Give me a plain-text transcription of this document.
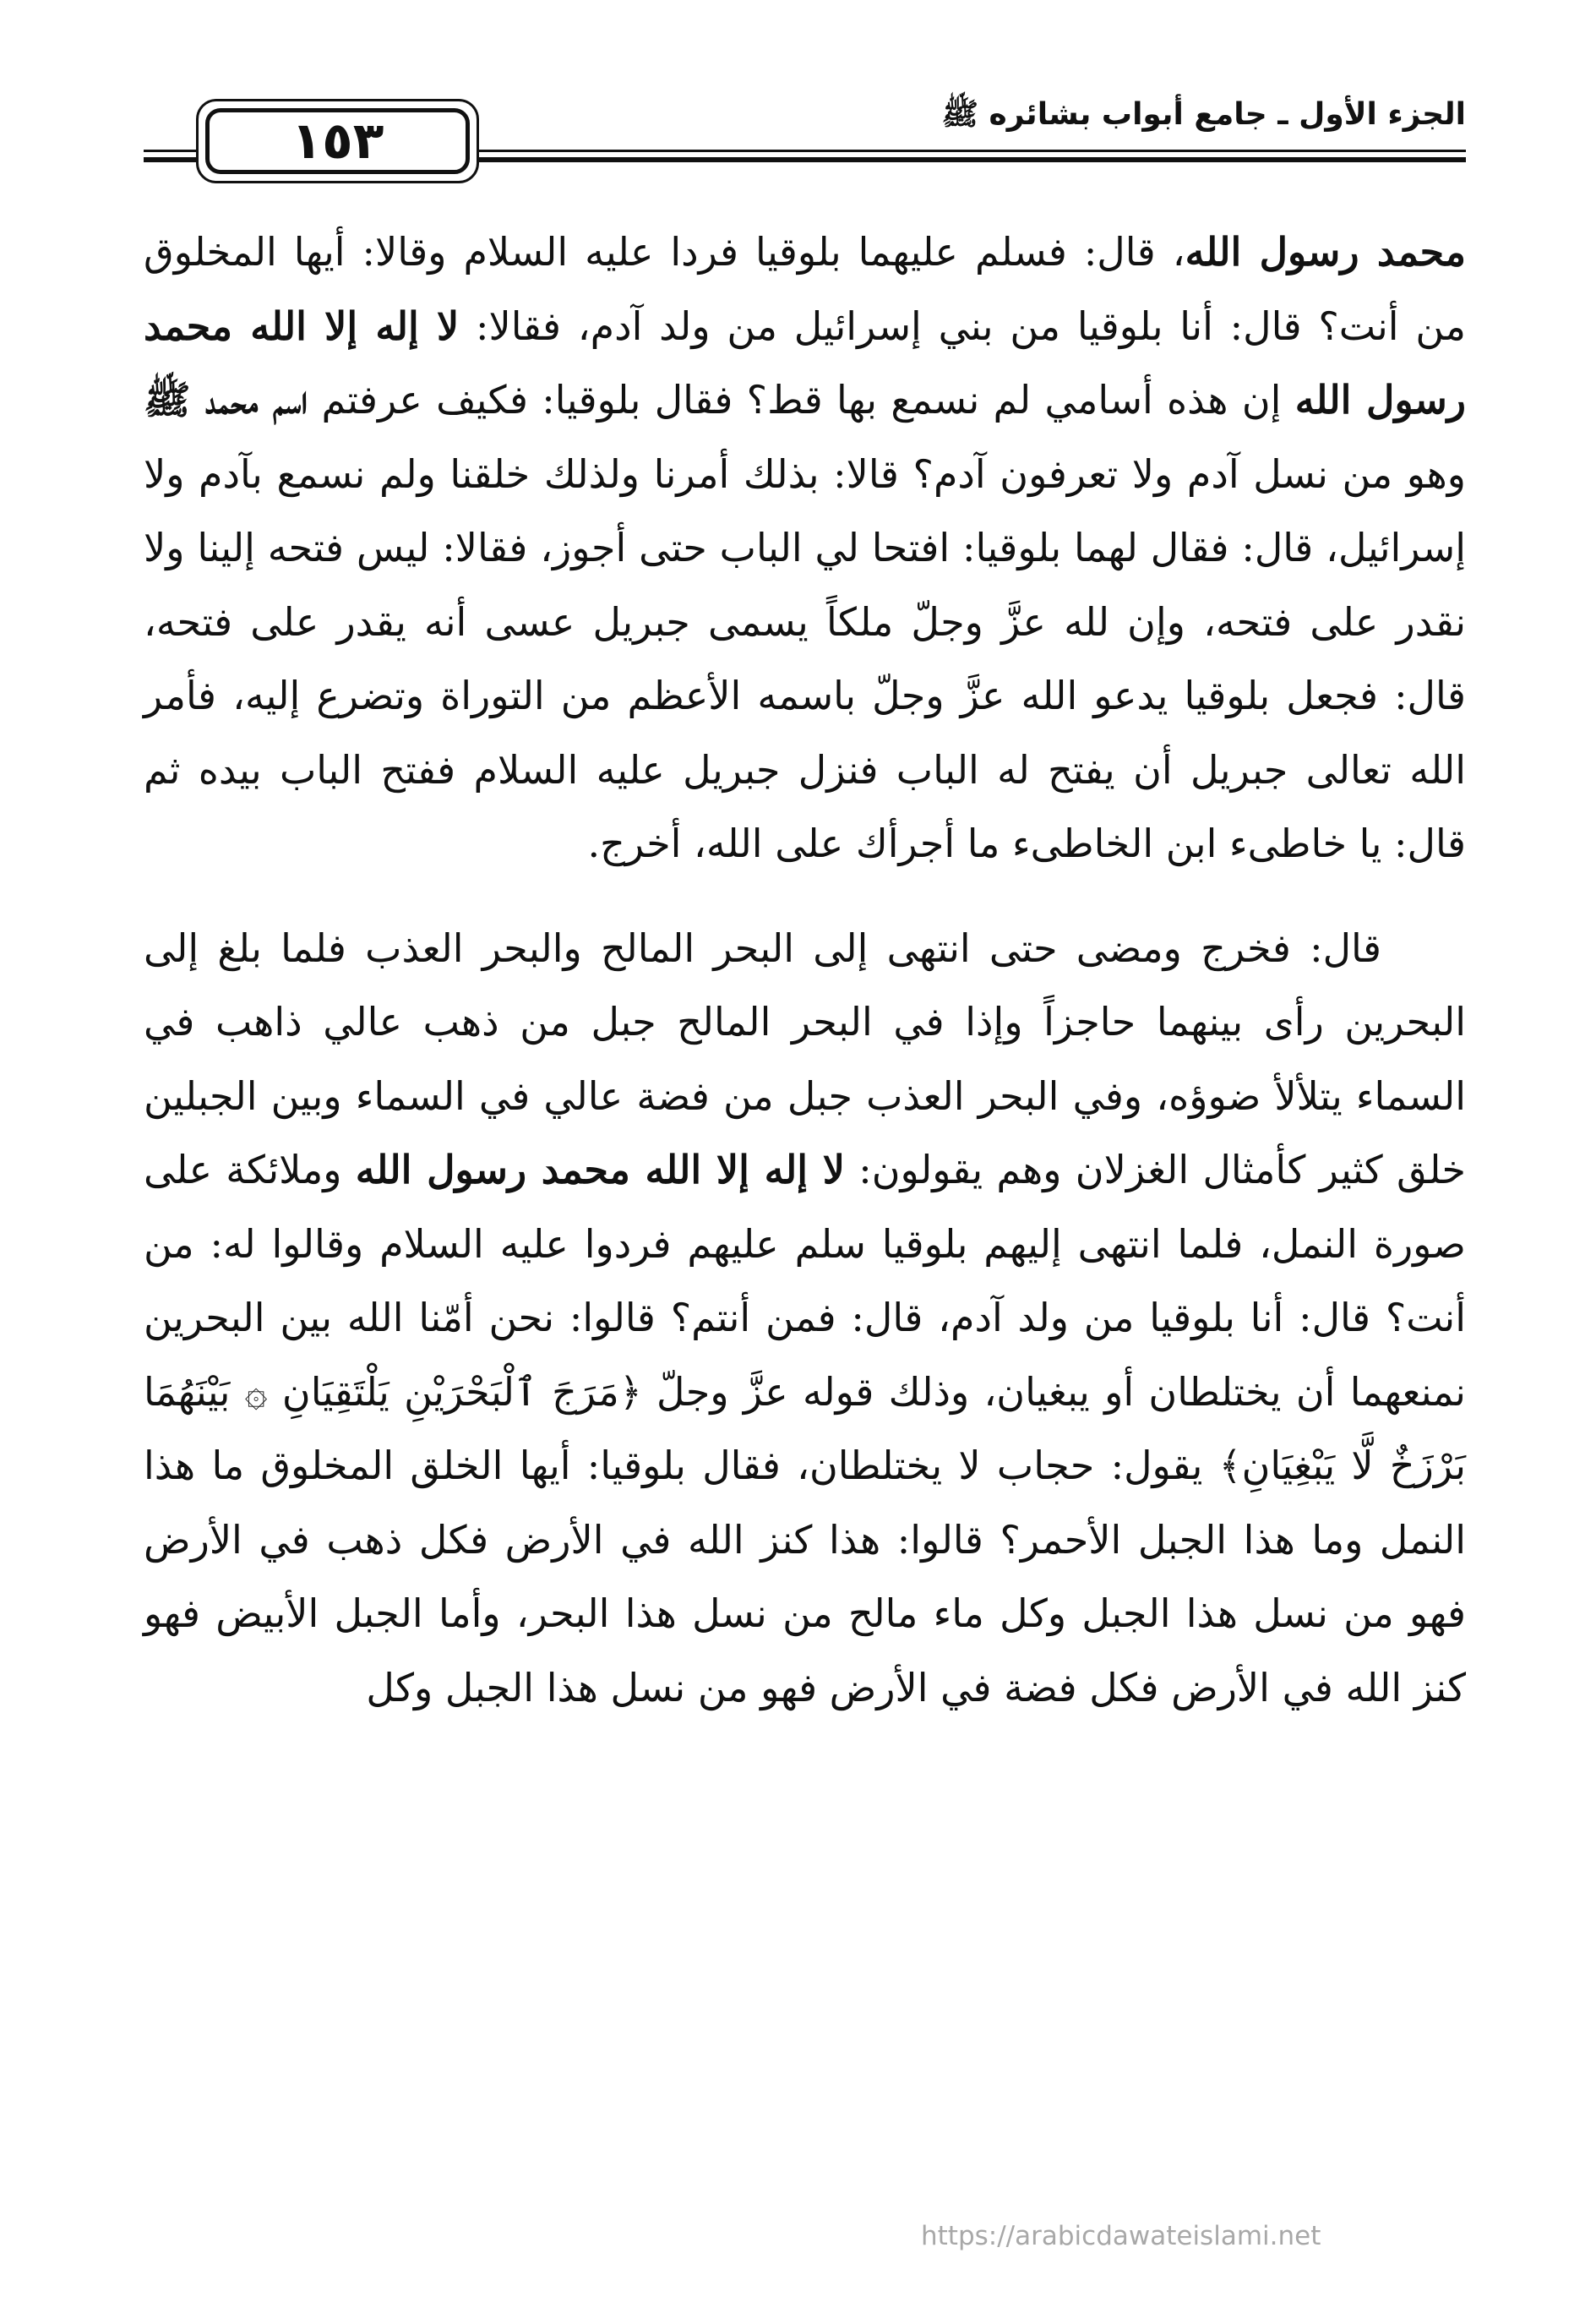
١٥٣	الجزء الأول ـ جامع أبواب بشائره ﷺ

محمد رسول الله، قال: فسلم عليهما بلوقيا فردا عليه السلام وقالا: أيها المخلوق من أنت؟ قال: أنا بلوقيا من بني إسرائيل من ولد آدم، فقالا: لا إله إلا الله محمد رسول الله إن هذه أسامي لم نسمع بها قط؟ فقال بلوقيا: فكيف عرفتم اسم محمد ﷺ وهو من نسل آدم ولا تعرفون آدم؟ قالا: بذلك أمرنا ولذلك خلقنا ولم نسمع بآدم ولا إسرائيل، قال: فقال لهما بلوقيا: افتحا لي الباب حتى أجوز، فقالا: ليس فتحه إلينا ولا نقدر على فتحه، وإن لله عزَّ وجلّ ملكاً يسمى جبريل عسى أنه يقدر على فتحه، قال: فجعل بلوقيا يدعو الله عزَّ وجلّ باسمه الأعظم من التوراة وتضرع إليه، فأمر الله تعالى جبريل أن يفتح له الباب فنزل جبريل عليه السلام ففتح الباب بيده ثم قال: يا خاطىء ابن الخاطىء ما أجرأك على الله، أخرج.

قال: فخرج ومضى حتى انتهى إلى البحر المالح والبحر العذب فلما بلغ إلى البحرين رأى بينهما حاجزاً وإذا في البحر المالح جبل من ذهب عالي ذاهب في السماء يتلألأ ضوؤه، وفي البحر العذب جبل من فضة عالي في السماء وبين الجبلين خلق كثير كأمثال الغزلان وهم يقولون: لا إله إلا الله محمد رسول الله وملائكة على صورة النمل، فلما انتهى إليهم بلوقيا سلم عليهم فردوا عليه السلام وقالوا له: من أنت؟ قال: أنا بلوقيا من ولد آدم، قال: فمن أنتم؟ قالوا: نحن أمّنا الله بين البحرين نمنعهما أن يختلطان أو يبغيان، وذلك قوله عزَّ وجلّ ﴿مَرَجَ ٱلْبَحْرَيْنِ يَلْتَقِيَانِ ۞ بَيْنَهُمَا بَرْزَخٌ لَّا يَبْغِيَانِ﴾ يقول: حجاب لا يختلطان، فقال بلوقيا: أيها الخلق المخلوق ما هذا النمل وما هذا الجبل الأحمر؟ قالوا: هذا كنز الله في الأرض فكل ذهب في الأرض فهو من نسل هذا الجبل وكل ماء مالح من نسل هذا البحر، وأما الجبل الأبيض فهو كنز الله في الأرض فكل فضة في الأرض فهو من نسل هذا الجبل وكل

https://arabicdawateislami.net
